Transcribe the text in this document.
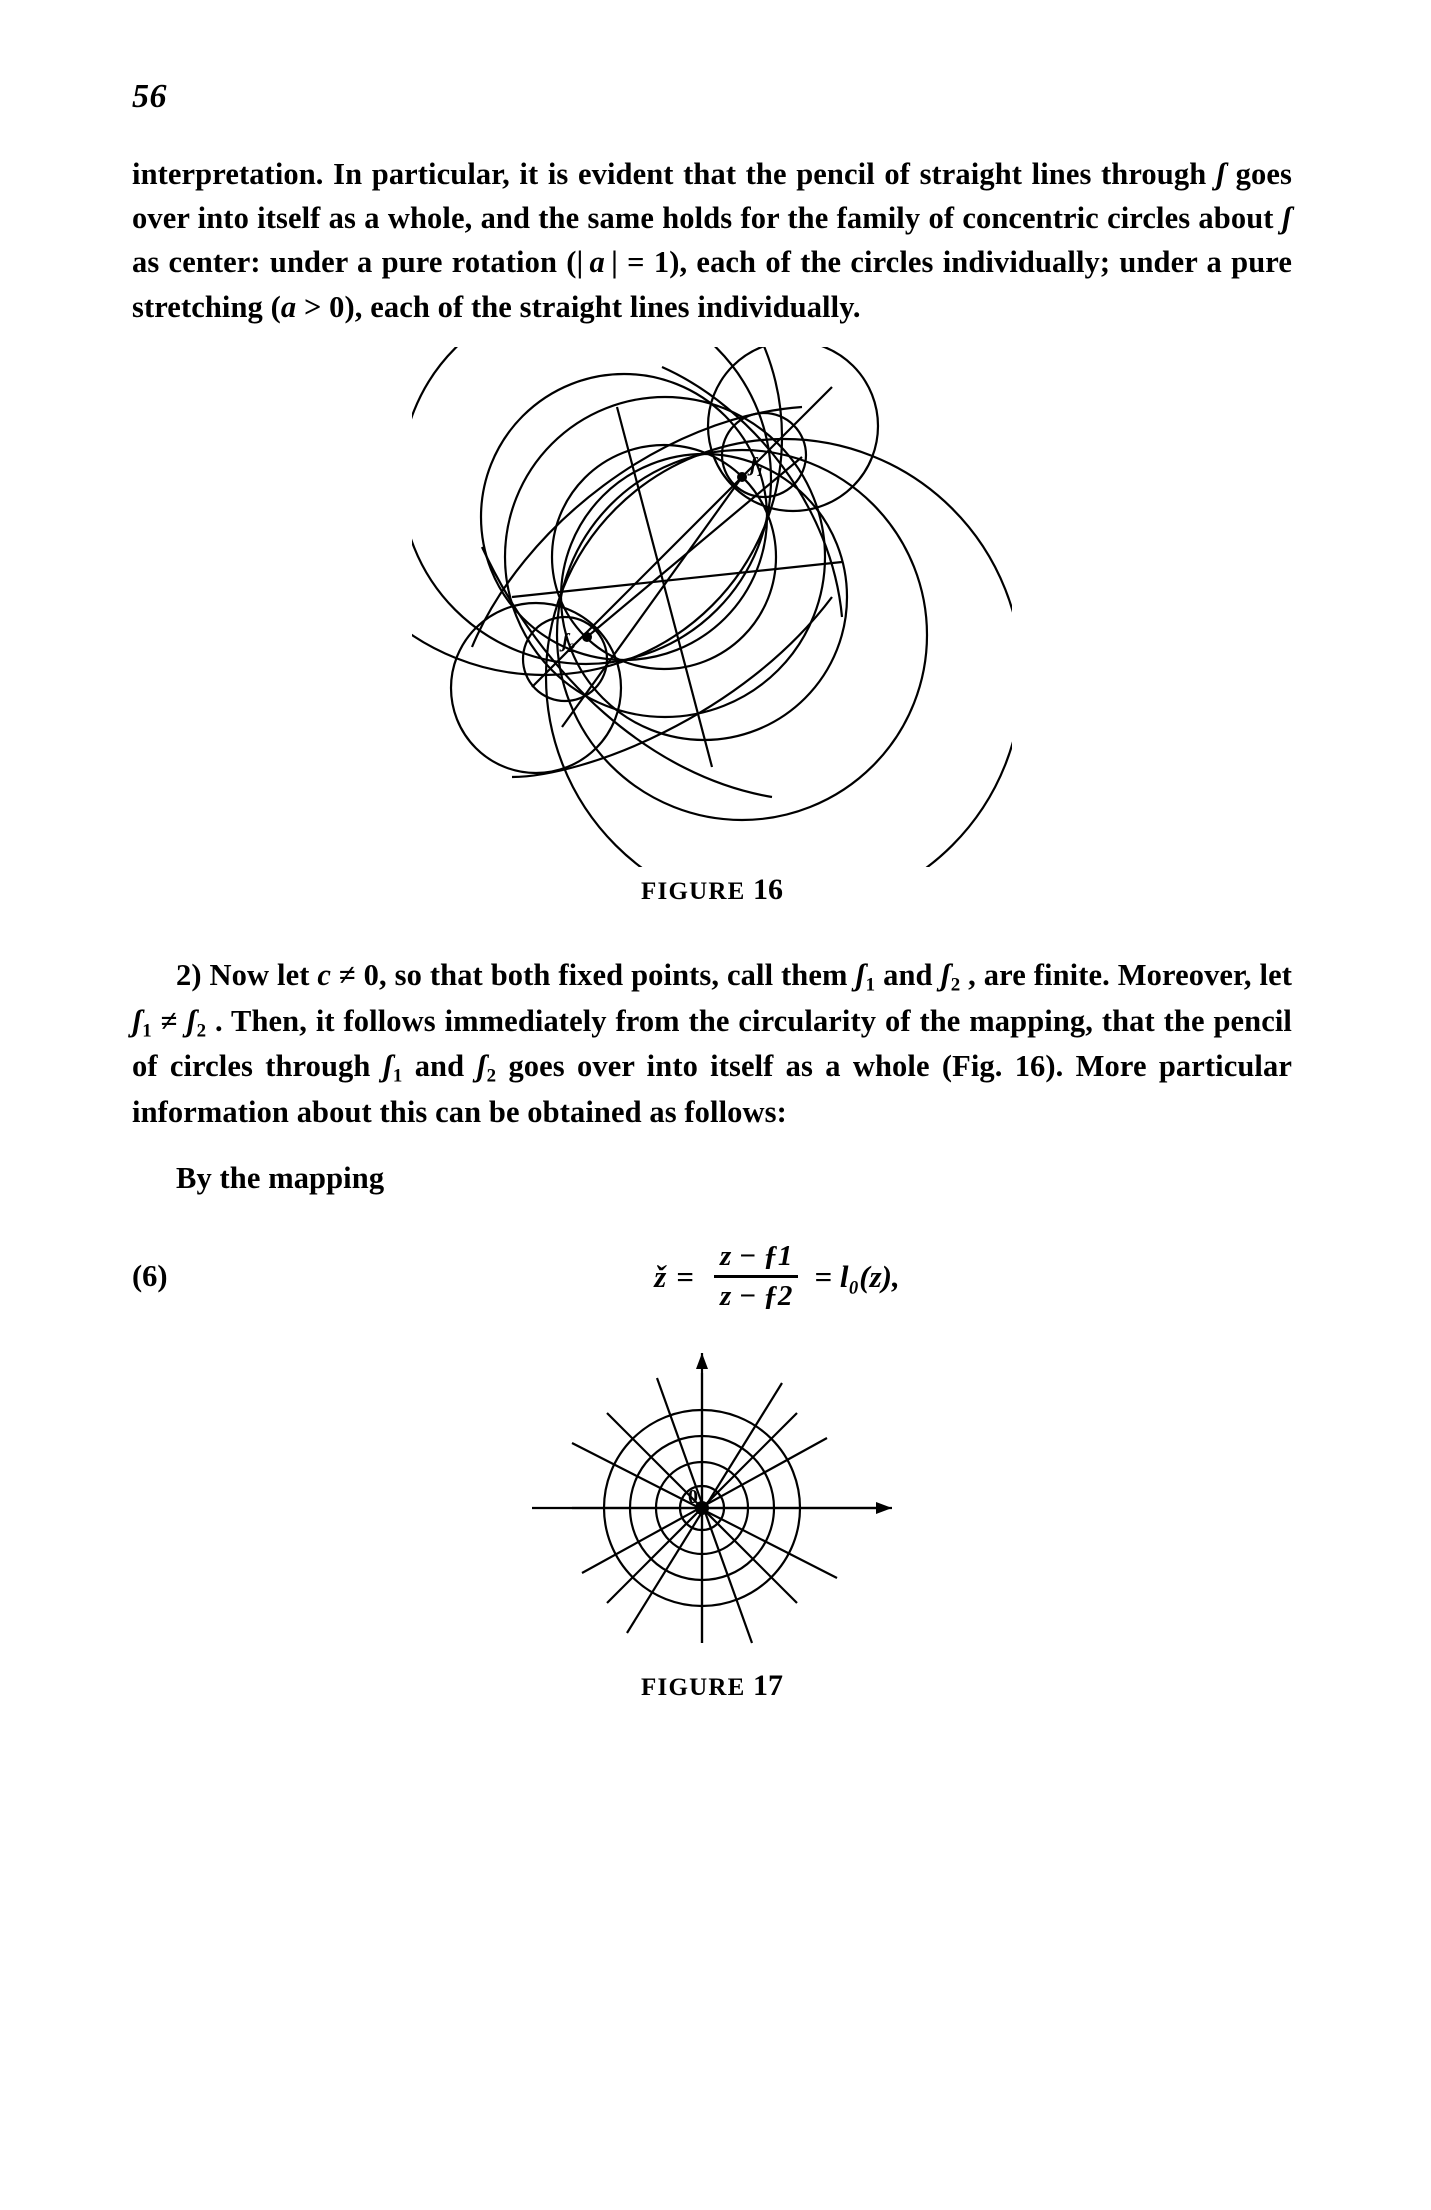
56

interpretation. In particular, it is evident that the pencil of straight lines through ʃ goes over into itself as a whole, and the same holds for the family of concentric circles about ʃ as center: under a pure rotation (| a | = 1), each of the circles individually; under a pure stretching (a > 0), each of the straight lines individually.

ʃ$_1$
ʃ$_2$
FIGURE 16

2) Now let c ≠ 0, so that both fixed points, call them ʃ$_1$ and ʃ$_2$ , are finite. Moreover, let ʃ$_1$ ≠ ʃ$_2$ . Then, it follows immediately from the circularity of the mapping, that the pencil of circles through ʃ$_1$ and ʃ$_2$ goes over into itself as a whole (Fig. 16). More particular information about this can be obtained as follows:

By the mapping

(6)	ž = $\frac{z - ƒ1}{z - ƒ2} = l_0(z)$,
0
FIGURE 17
